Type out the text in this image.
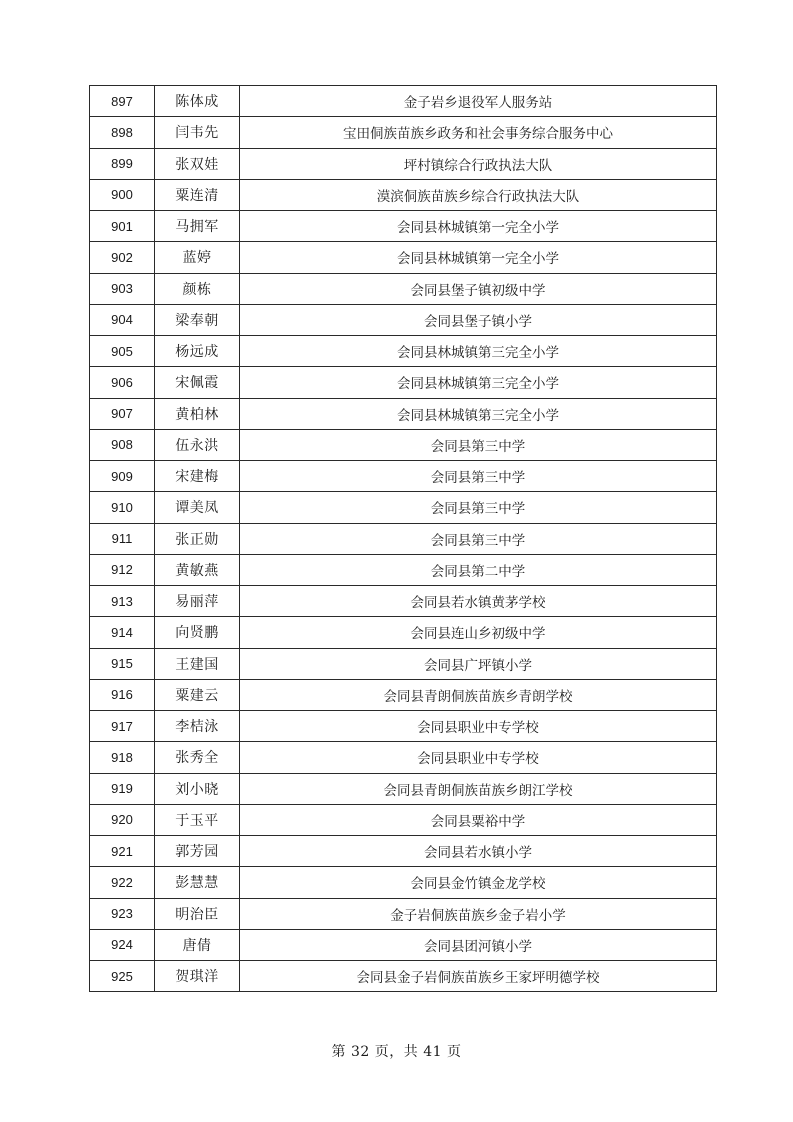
897	陈体成	金子岩乡退役军人服务站
898	闫韦先	宝田侗族苗族乡政务和社会事务综合服务中心
899	张双娃	坪村镇综合行政执法大队
900	粟连清	漠滨侗族苗族乡综合行政执法大队
901	马拥军	会同县林城镇第一完全小学
902	蓝婷	会同县林城镇第一完全小学
903	颜栋	会同县堡子镇初级中学
904	梁奉朝	会同县堡子镇小学
905	杨远成	会同县林城镇第三完全小学
906	宋佩霞	会同县林城镇第三完全小学
907	黄柏林	会同县林城镇第三完全小学
908	伍永洪	会同县第三中学
909	宋建梅	会同县第三中学
910	谭美凤	会同县第三中学
911	张正勋	会同县第三中学
912	黄敏燕	会同县第二中学
913	易丽萍	会同县若水镇黄茅学校
914	向贤鹏	会同县连山乡初级中学
915	王建国	会同县广坪镇小学
916	粟建云	会同县青朗侗族苗族乡青朗学校
917	李桔泳	会同县职业中专学校
918	张秀全	会同县职业中专学校
919	刘小晓	会同县青朗侗族苗族乡朗江学校
920	于玉平	会同县粟裕中学
921	郭芳园	会同县若水镇小学
922	彭慧慧	会同县金竹镇金龙学校
923	明治臣	金子岩侗族苗族乡金子岩小学
924	唐倩	会同县团河镇小学
925	贺琪洋	会同县金子岩侗族苗族乡王家坪明德学校
第 32 页，共 41 页
